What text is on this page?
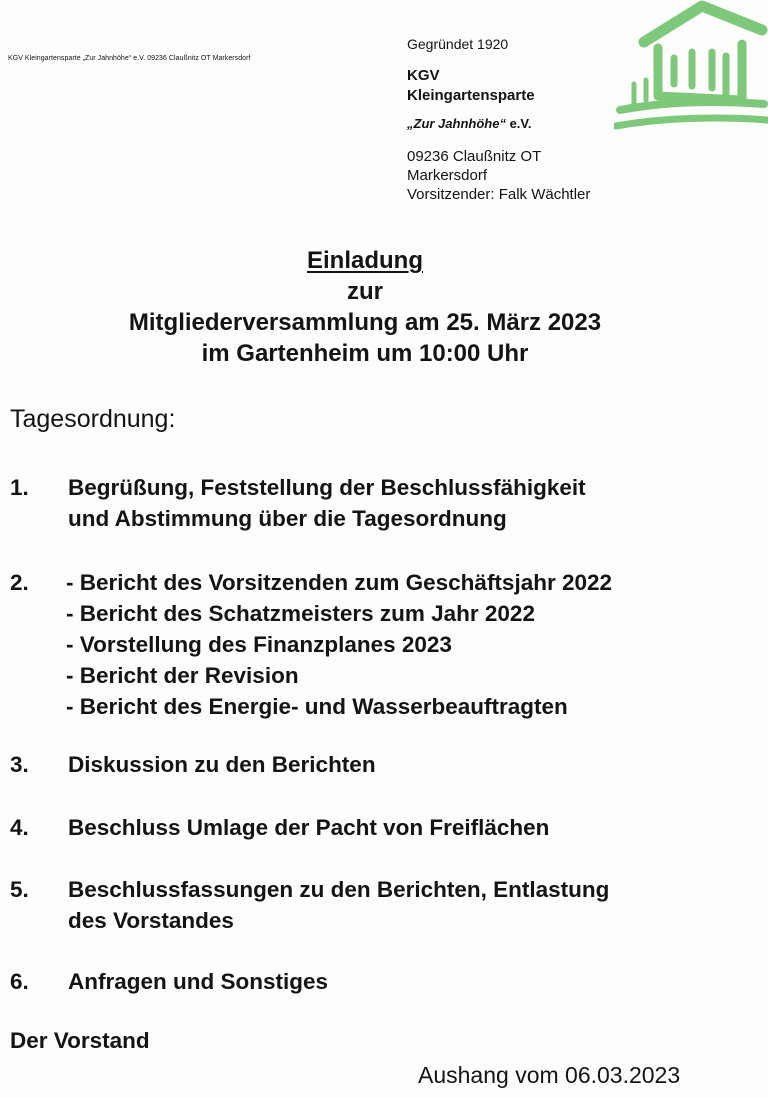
KGV Kleingartensparte „Zur Jahnhöhe“ e.V. 09236 Claußnitz OT Markersdorf

Gegründet 1920

KGV

Kleingartensparte

„Zur Jahnhöhe“ e.V.

09236 Claußnitz OT Markersdorf
Vorsitzender: Falk Wächtler

Einladung

zur

Mitgliederversammlung am 25. März 2023

im Gartenheim um 10:00 Uhr

Tagesordnung:

1. Begrüßung, Feststellung der Beschlussfähigkeit

und Abstimmung über die Tagesordnung

2. - Bericht des Vorsitzenden zum Geschäftsjahr 2022

- Bericht des Schatzmeisters zum Jahr 2022

- Vorstellung des Finanzplanes 2023

- Bericht der Revision

- Bericht des Energie- und Wasserbeauftragten

3. Diskussion zu den Berichten

4. Beschluss Umlage der Pacht von Freiflächen

5. Beschlussfassungen zu den Berichten, Entlastung

des Vorstandes

6. Anfragen und Sonstiges

Der Vorstand

Aushang vom 06.03.2023
